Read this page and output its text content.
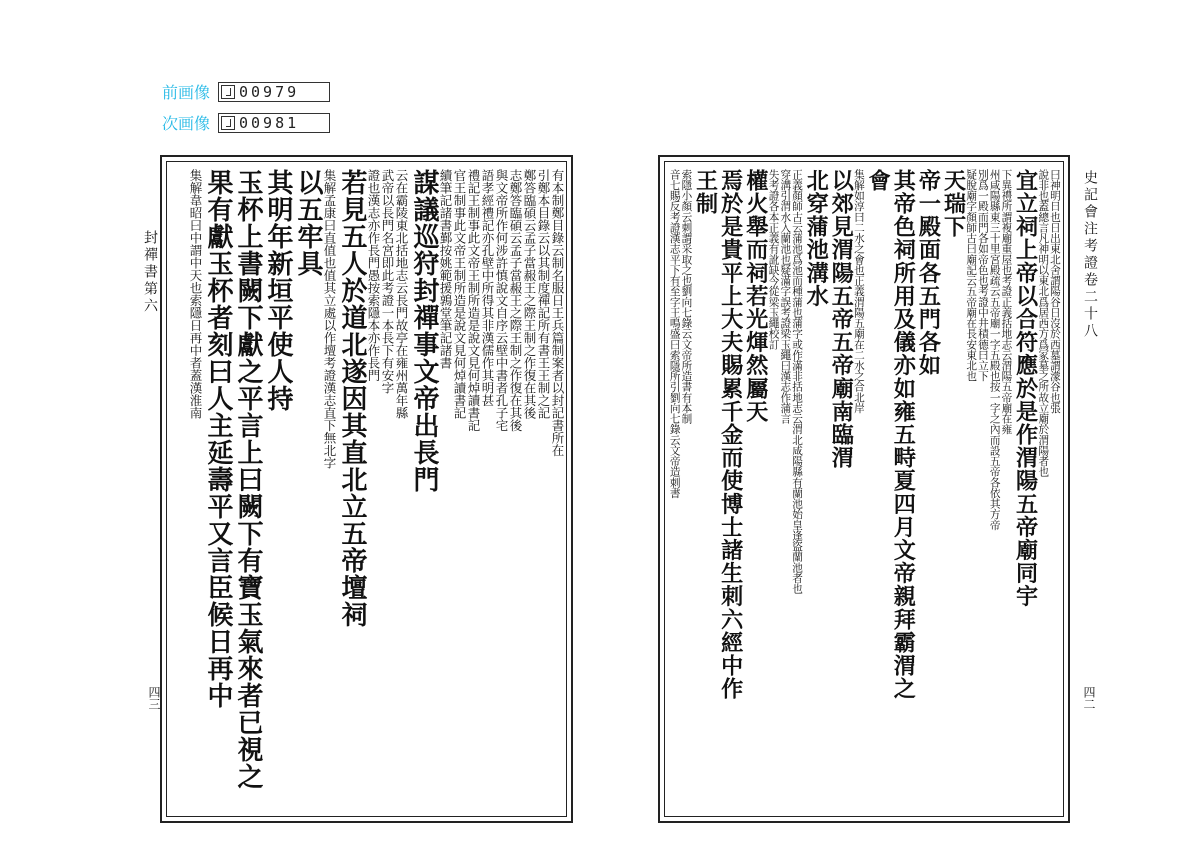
前画像	00979
次画像	00981
有本制鄭目錄云制名服日王兵篇制案者以封記書所在
引鄭本目錄云以其制度禪記所有書王王制之記
鄭答臨碩云孟子當赧王之際王制之作復在其後
志鄭答臨碩云孟子當赧王之際王制之作復在其後
與文帝所作何涉許慎說文自序云壁中書者孔子宅
語孝經禮記亦孔壁中所得其非漢儒作其明甚
禮記王制事此文帝王制所造是說文見何焯讀書記
官王制事此文帝王制所造是說文見何焯讀書記
續筆記諸書鄞按姚範援鶉堂筆記諸書
謀議巡狩封禪事文帝出長門
云在霸陵東北括地志云長門故亭在雍州萬年縣
武帝以長門名宮即此考證一本長下有安字
證也漢志亦作長門愚按索隱本亦作長門
若見五人於道北遂因其直北立五帝壇祠
集解孟康曰直值也值其立處以作壇考證漢志直下無北字
以五牢具
其明年新垣平使人持
玉杯上書闕下獻之平言上曰闕下有寶玉氣來者已視之
果有獻玉杯者刻曰人主延壽平又言臣候日再中
集解韋昭曰中謂中天也索隱日再中者蓋漢淮南
封禪書第六
四三
曰神明日也日出東北舍謂陽谷日沒於西墓謂濛谷也張
說非也蓋總言凡神明以東北爲居西方爲冢墓之所故立廟於渭陽者也
宜立祠上帝以合符應於是作渭陽五帝廟同宇
下異禮所謂複廟重屋也考證正義括地志云渭陽五帝廟在雍
州咸陽縣東三十里宮殿疏云五帝廟一字五殿也按一字之內而設五帝各依其方帝
別爲一殿而門各如帝色也考證中井積德曰立下
疑脫廟字顏師古曰廟記云五帝廟在長安東北也
天瑞下
帝一殿面各五門各如
其帝色祠所用及儀亦如雍五畤夏四月文帝親拜霸渭之
會
集解如淳曰二水之會也正義渭陽五廟在二水之合北岸
以郊見渭陽五帝五帝廟南臨渭
北穿蒲池溝水
正義顏師古云蒲池爲池而種蒲也蒲字或作滿非括地志云渭北咸陽縣有蘭池始皇逢盜蘭池者也
穿溝引渭水入蘭池也疑滿字誤考證梁玉繩曰漢志作蒲言
失考證各本正義有訛缺今從梁玉繩校訂
權火舉而祠若光煇然屬天
焉於是貴平上大夫賜累千金而使博士諸生刺六經中作
王制
索隱小顏云刺謂采取之也劉向七錄云文帝所造書有本制
音七賜反考證漢志平下有至字王鳴盛曰索隱所引劉向七錄云文帝造刺書	史記會注考證卷二十八
四二
